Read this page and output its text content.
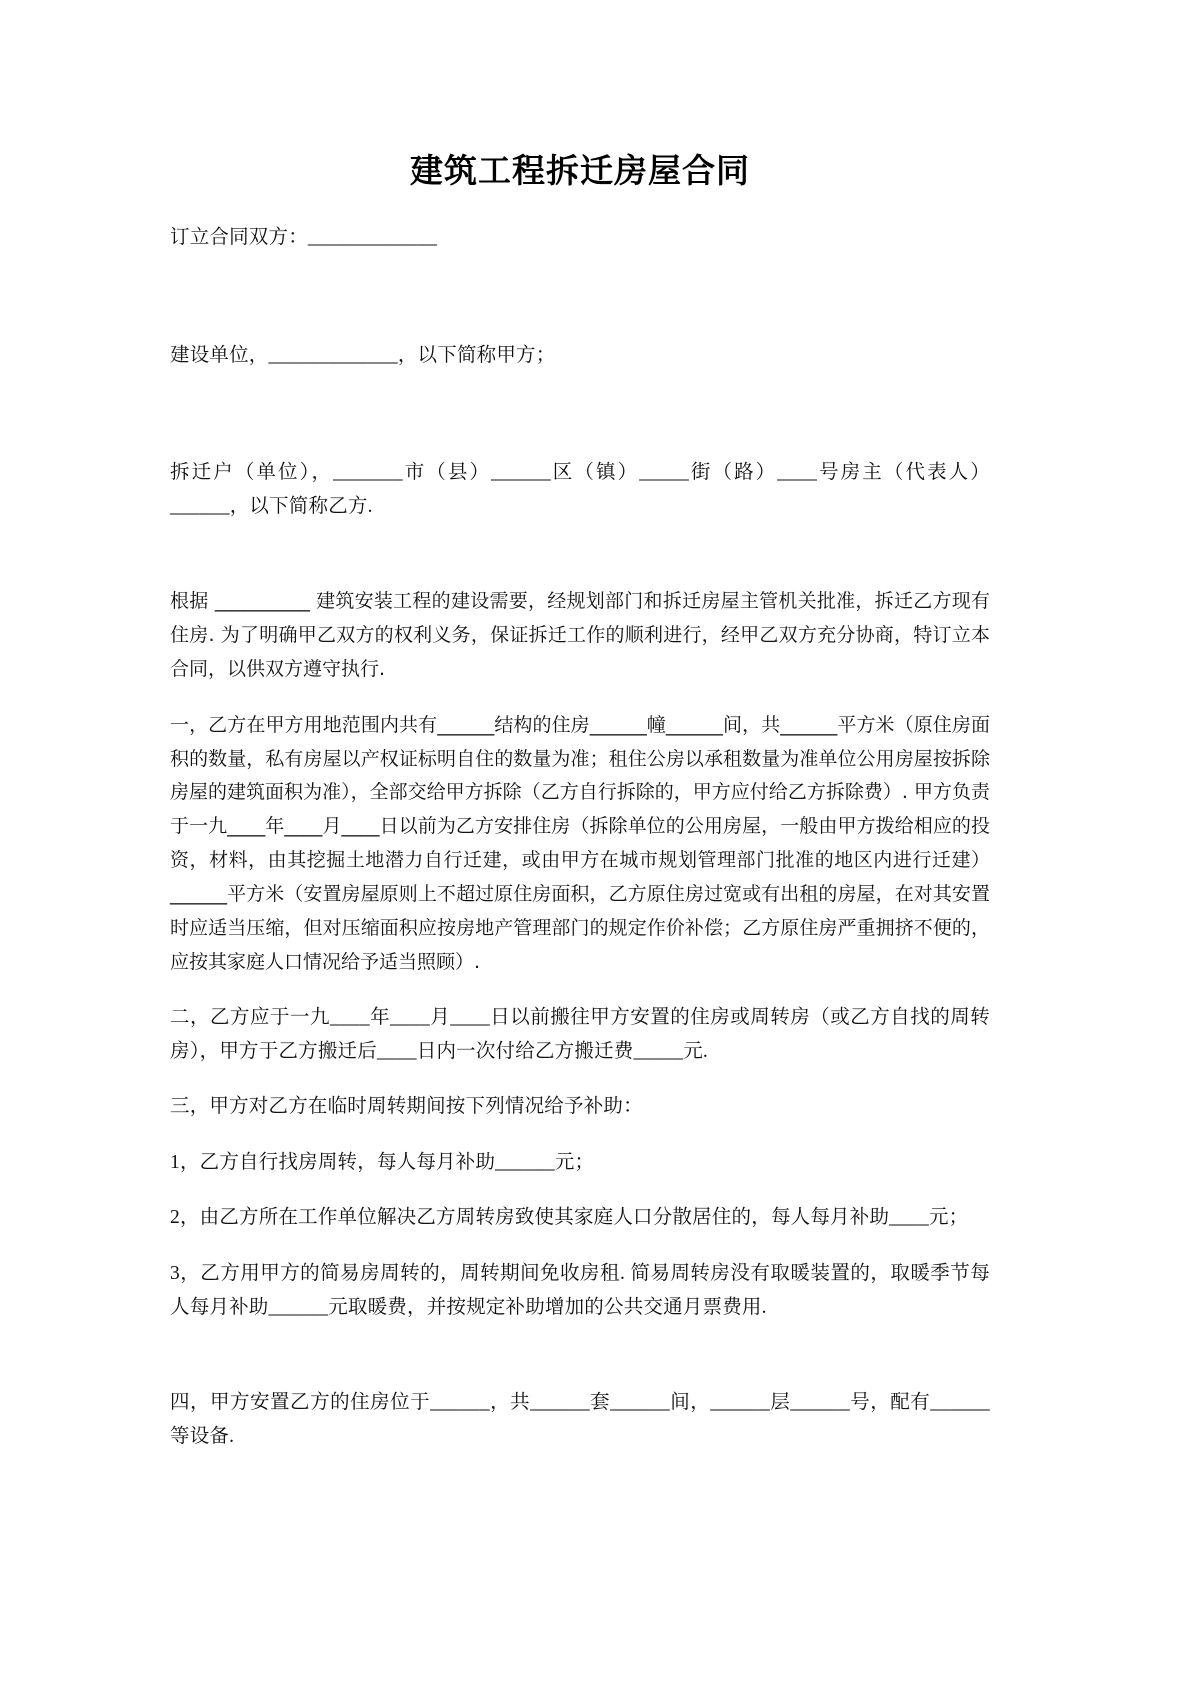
建筑工程拆迁房屋合同

订立合同双方：_____________

建设单位，_____________，以下简称甲方；

拆迁户（单位），_______市（县）______区（镇）_____街（路）____号房主（代表人）______，以下简称乙方.

根据 __________ 建筑安装工程的建设需要，经规划部门和拆迁房屋主管机关批准，拆迁乙方现有住房. 为了明确甲乙双方的权利义务，保证拆迁工作的顺利进行，经甲乙双方充分协商，特订立本合同，以供双方遵守执行.

一，乙方在甲方用地范围内共有______结构的住房______幢______间，共______平方米（原住房面积的数量，私有房屋以产权证标明自住的数量为准；租住公房以承租数量为准单位公用房屋按拆除房屋的建筑面积为准），全部交给甲方拆除（乙方自行拆除的，甲方应付给乙方拆除费）. 甲方负责于一九____年____月____日以前为乙方安排住房（拆除单位的公用房屋，一般由甲方拨给相应的投资，材料，由其挖掘土地潜力自行迁建，或由甲方在城市规划管理部门批准的地区内进行迁建）______平方米（安置房屋原则上不超过原住房面积，乙方原住房过宽或有出租的房屋，在对其安置时应适当压缩，但对压缩面积应按房地产管理部门的规定作价补偿；乙方原住房严重拥挤不便的，应按其家庭人口情况给予适当照顾）.

二，乙方应于一九____年____月____日以前搬往甲方安置的住房或周转房（或乙方自找的周转房），甲方于乙方搬迁后____日内一次付给乙方搬迁费_____元.

三，甲方对乙方在临时周转期间按下列情况给予补助：

1，乙方自行找房周转，每人每月补助______元；

2，由乙方所在工作单位解决乙方周转房致使其家庭人口分散居住的，每人每月补助____元；

3，乙方用甲方的简易房周转的，周转期间免收房租. 简易周转房没有取暖装置的，取暖季节每人每月补助______元取暖费，并按规定补助增加的公共交通月票费用.

四，甲方安置乙方的住房位于______，共______套______间，______层______号，配有______等设备.
